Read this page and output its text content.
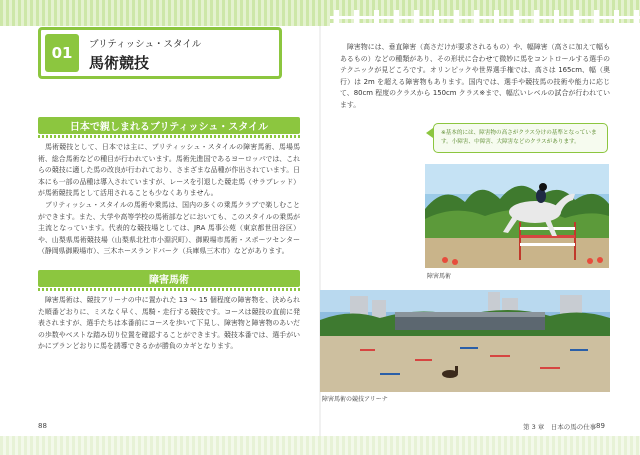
01	ブリティッシュ・スタイル
馬術競技
日本で親しまれるブリティッシュ・スタイル

馬術競技として、日本では主に、ブリティッシュ・スタイルの障害馬術、馬場馬術、総合馬術などの種目が行われています。馬術先進国であるヨーロッパでは、これらの競技に適した馬の改良が行われており、さまざまな品種が作出されています。日本にも一部の品種は導入されていますが、レースを引退した競走馬（サラブレッド）が馬術競技馬として活用されることも少なくありません。

ブリティッシュ・スタイルの馬術や乗馬は、国内の多くの乗馬クラブで楽しむことができます。また、大学や高等学校の馬術部などにおいても、このスタイルの乗馬が主流となっています。代表的な競技場としては、JRA 馬事公苑（東京都世田谷区）や、山梨県馬術競技場（山梨県北杜市小淵沢町）、御殿場市馬術・スポーツセンター（静岡県御殿場市）、三木ホースランドパーク（兵庫県三木市）などがあります。

障害馬術

障害馬術は、競技アリーナの中に置かれた 13 ～ 15 個程度の障害物を、決められた順番どおりに、ミスなく早く、馬騎・走行する競技です。コースは競技の直前に発表されますが、選手たちは本番前にコースを歩いて下見し、障害物と障害物のあいだの歩数やベストな踏み切り位置を確認することができます。競技本番では、選手がいかにブランどおりに馬を誘導できるかが勝負のカギとなります。

88

障害物には、垂直障害（高さだけが要求されるもの）や、幅障害（高さに加えて幅もあるもの）などの種類があり、その形状に合わせて微妙に馬をコントロールする選手のテクニックが見どころです。オリンピックや世界選手権では、高さは 165cm、幅（奥行）は 2m を超える障害物もあります。国内では、選手や競技馬の技術や能力に応じて、80cm 程度のクラスから 150cm クラス※まで、幅広いレベルの試合が行われています。

※基本的には、障害物の高さがクラス分けの基準となっています。小障害、中障害、大障害などのクラスがあります。
障害馬術
障害馬術の競技アリーナ
第 3 章　日本の馬の仕事 89
